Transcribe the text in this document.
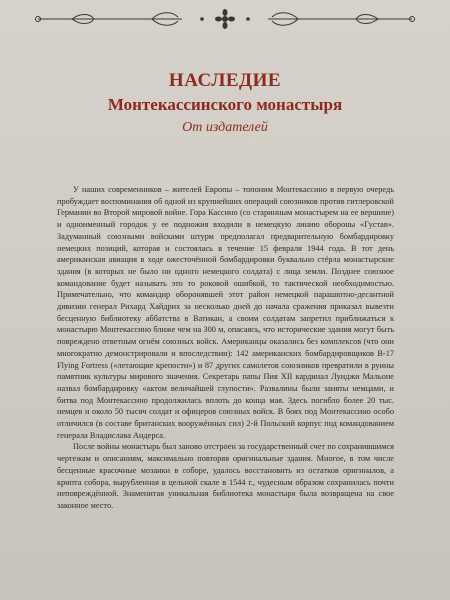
НАСЛЕДИЕ
Монтекассинского монастыря
От издателей

У наших современников – жителей Европы – топоним Монтекассино в первую очередь пробуждает воспоминания об одной из крупнейших операций союзников против гитлеровской Германии во Второй мировой войне. Гора Кассино (со старинным монастырем на ее вершине) и одноименный городок у ее подножия входили в немецкую линию обороны «Густав». Задуманный союзными войсками штурм предполагал предварительную бомбардировку немецких позиций, которая и состоялась в течение 15 февраля 1944 года. В тот день американская авиация в ходе ожесточённой бомбардировки буквально стёрла монастырские здания (в которых не было ни одного немецкого солдата) с лица земли. Позднее союзное командование будет называть это то роковой ошибкой, то тактической необходимостью. Примечательно, что командир оборонявшей этот район немецкой парашютно-десантной дивизии генерал Рихард Хайдрих за несколько дней до начала сражения приказал вывезти бесценную библиотеку аббатства в Ватикан, а своим солдатам запретил приближаться к монастырю Монтекассино ближе чем на 300 м, опасаясь, что исторические здания могут быть повреждено ответным огнём союзных войск. Американцы оказались без комплексов (что они многократно демонстрировали и впоследствии): 142 американских бомбардировщиков B-17 Flying Fortress («летающие крепости») и 87 других самолетов союзников превратили в руины памятник культуры мирового значения. Секретарь папы Пия XII кардинал Луиджи Мальоне назвал бомбардировку «актом величайшей глупости». Развалины были заняты немцами, и битва под Монтекассино продолжилась вплоть до конца мая. Здесь погибло более 20 тыс. немцев и около 50 тысяч солдат и офицеров союзных войск. В боях под Монтекассино особо отличился (в составе британских вооружённых сил) 2-й Польский корпус под командованием генерала Владислава Андерса.

После войны монастырь был заново отстроен за государственный счет по сохранившимся чертежам и описаниям, максимально повторяя оригинальные здания. Многое, в том числе бесценные красочные мозаики в соборе, удалось восстановить из остатков оригиналов, а крипта собора, вырубленная в цельной скале в 1544 г., чудесным образом сохранилась почти неповреждённой. Знаменитая уникальная библиотека монастыря была возвращена на свое законное место.

‹
